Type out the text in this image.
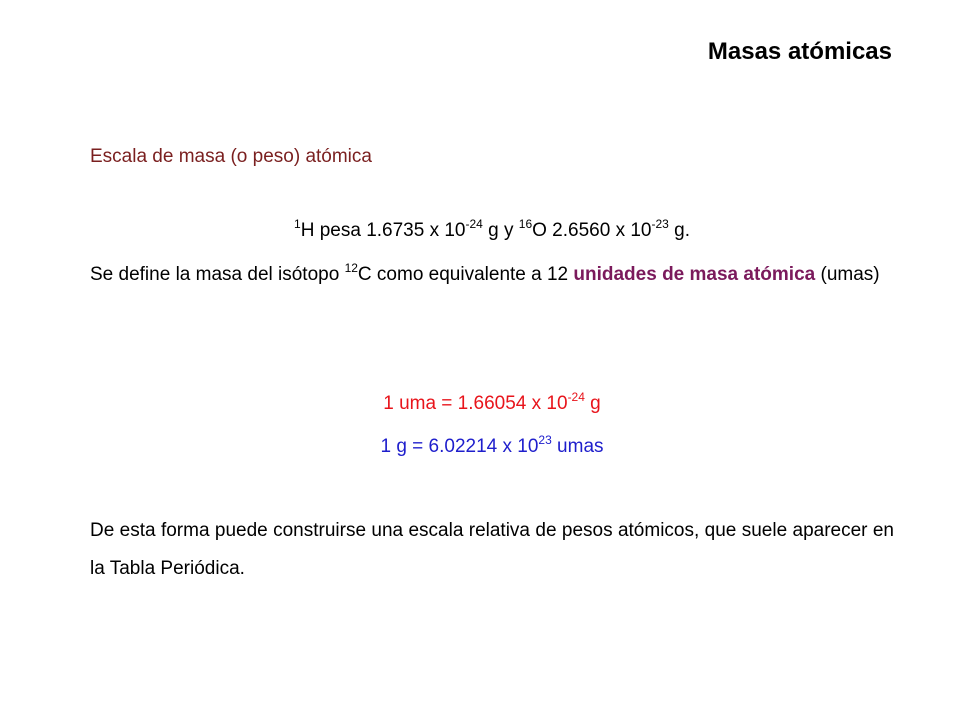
Masas atómicas

Escala de masa (o peso) atómica

$^1$H pesa 1.6735 x $10^{-24}$ g y $^{16}$O 2.6560 x $10^{-23}$ g.

Se define la masa del isótopo $^{12}$C como equivalente a 12 unidades de masa atómica (umas)

1 uma = 1.66054 x $10^{-24}$ g

1 g = 6.02214 x $10^{23}$ umas

De esta forma puede construirse una escala relativa de pesos atómicos, que suele aparecer en la Tabla Periódica.
